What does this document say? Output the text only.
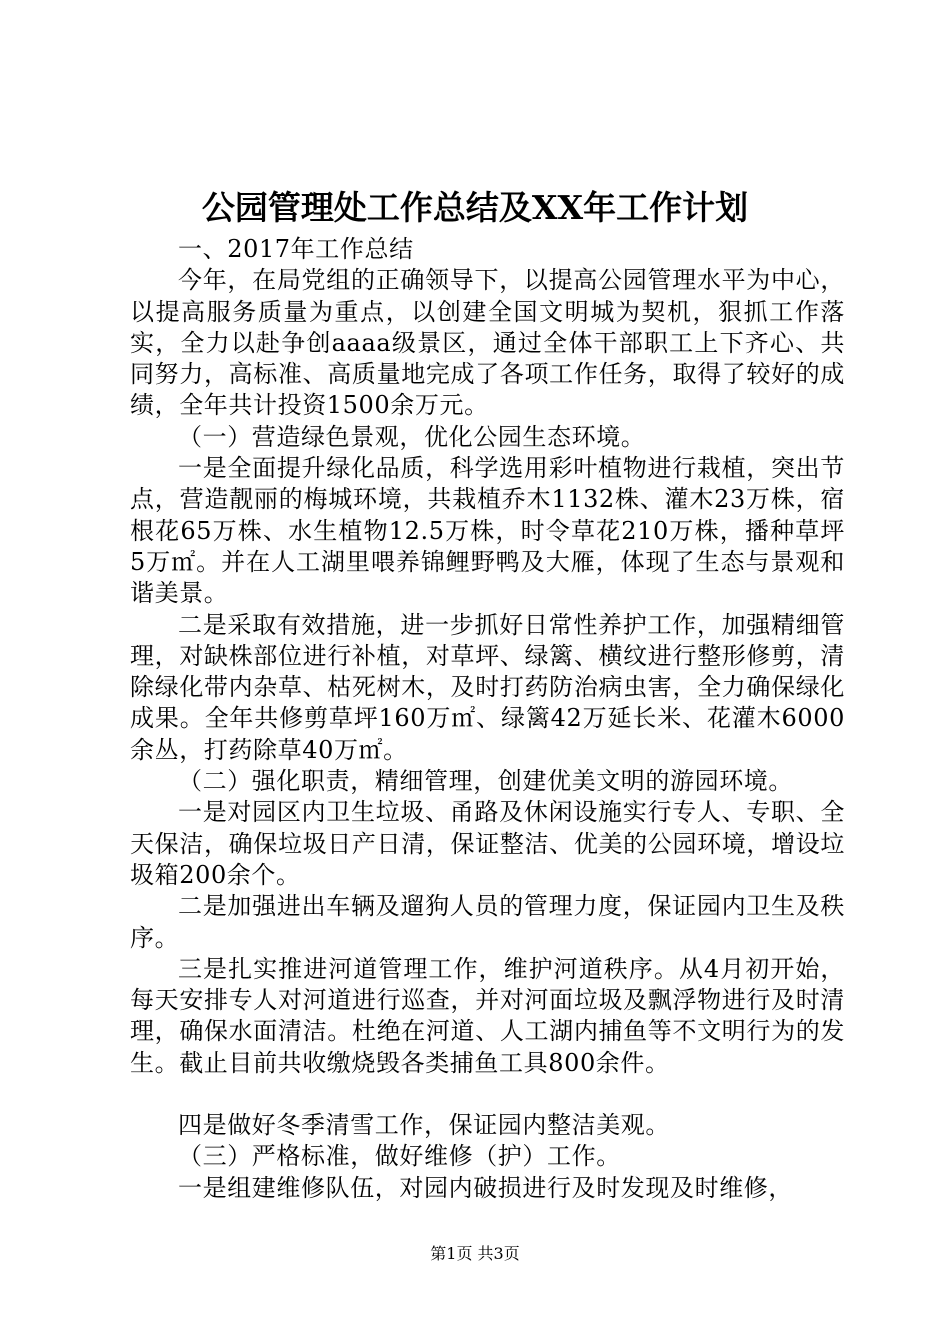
公园管理处工作总结及XX年工作计划

一、2017年工作总结

今年，在局党组的正确领导下，以提高公园管理水平为中心，以提高服务质量为重点，以创建全国文明城为契机，狠抓工作落实，全力以赴争创aaaa级景区，通过全体干部职工上下齐心、共同努力，高标准、高质量地完成了各项工作任务，取得了较好的成绩，全年共计投资1500余万元。

（一）营造绿色景观，优化公园生态环境。

一是全面提升绿化品质，科学选用彩叶植物进行栽植，突出节点，营造靓丽的梅城环境，共栽植乔木1132株、灌木23万株，宿根花65万株、水生植物12.5万株，时令草花210万株，播种草坪5万㎡。并在人工湖里喂养锦鲤野鸭及大雁，体现了生态与景观和谐美景。

二是采取有效措施，进一步抓好日常性养护工作，加强精细管理，对缺株部位进行补植，对草坪、绿篱、横纹进行整形修剪，清除绿化带内杂草、枯死树木，及时打药防治病虫害，全力确保绿化成果。全年共修剪草坪160万㎡、绿篱42万延长米、花灌木6000余丛，打药除草40万㎡。

（二）强化职责，精细管理，创建优美文明的游园环境。

一是对园区内卫生垃圾、甬路及休闲设施实行专人、专职、全天保洁，确保垃圾日产日清，保证整洁、优美的公园环境，增设垃圾箱200余个。

二是加强进出车辆及遛狗人员的管理力度，保证园内卫生及秩序。

三是扎实推进河道管理工作，维护河道秩序。从4月初开始，每天安排专人对河道进行巡查，并对河面垃圾及飘浮物进行及时清理，确保水面清洁。杜绝在河道、人工湖内捕鱼等不文明行为的发生。截止目前共收缴烧毁各类捕鱼工具800余件。

四是做好冬季清雪工作，保证园内整洁美观。

（三）严格标准，做好维修（护）工作。

一是组建维修队伍，对园内破损进行及时发现及时维修，

第1页 共3页
